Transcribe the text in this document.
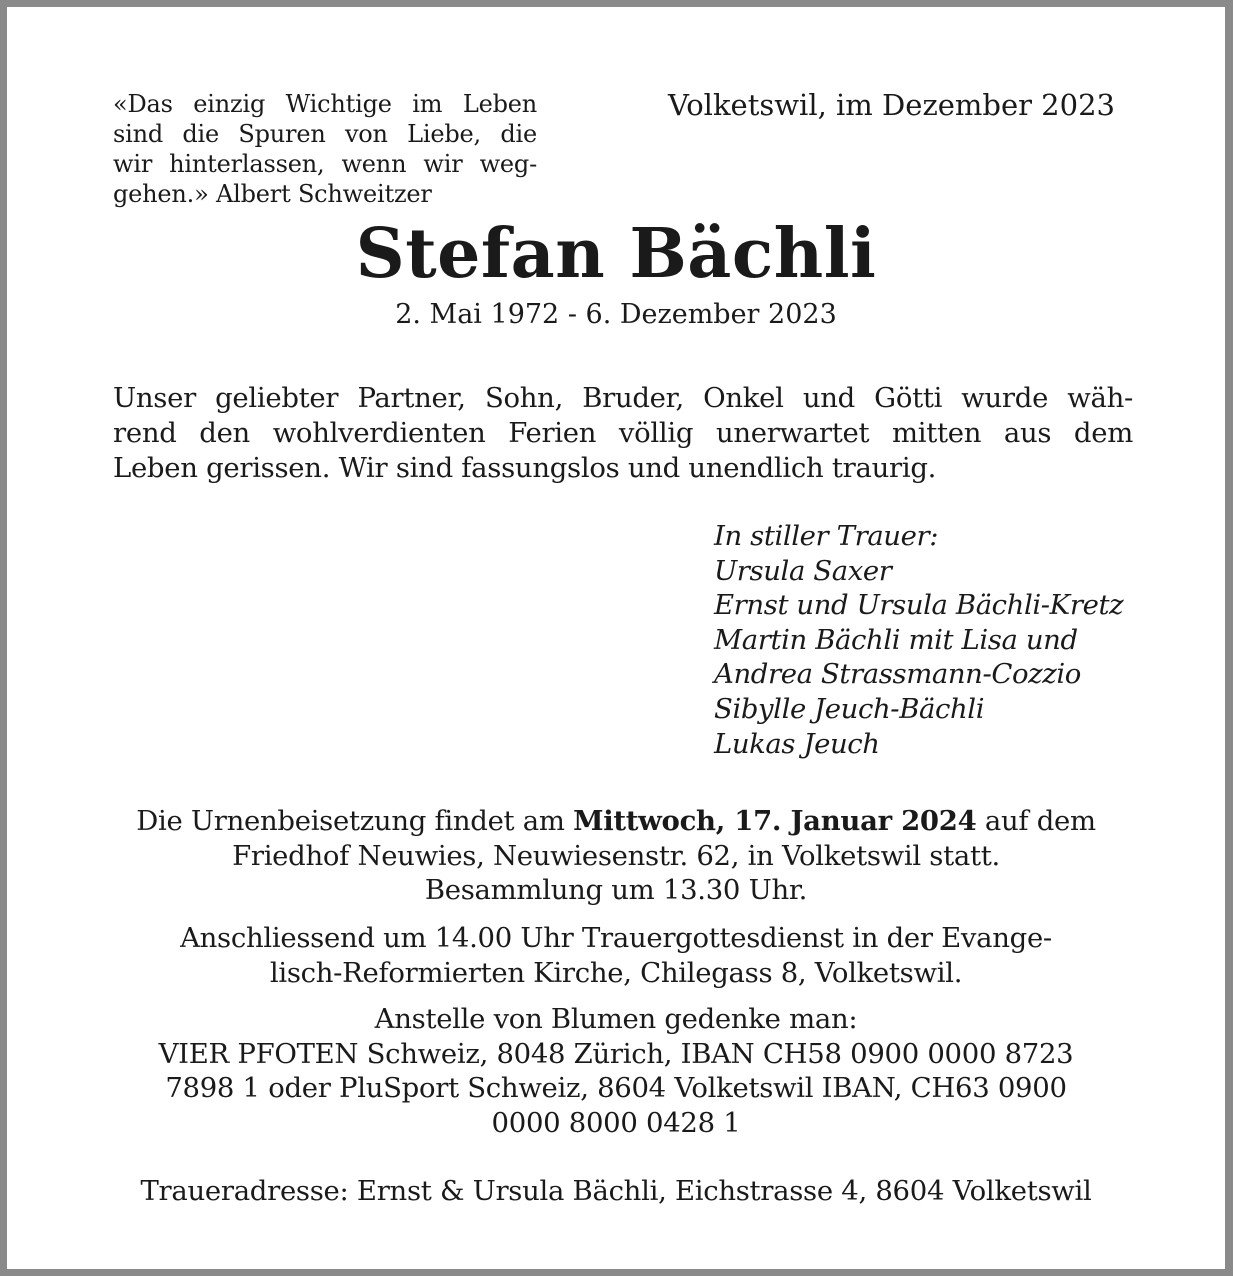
«Das einzig Wichtige im Leben
sind die Spuren von Liebe, die
wir hinterlassen, wenn wir weg-
gehen.» Albert Schweitzer
Volketswil, im Dezember 2023
Stefan Bächli
2. Mai 1972 - 6. Dezember 2023
Unser geliebter Partner, Sohn, Bruder, Onkel und Götti wurde wäh-
rend den wohlverdienten Ferien völlig unerwartet mitten aus dem
Leben gerissen. Wir sind fassungslos und unendlich traurig.
In stiller Trauer:
Ursula Saxer
Ernst und Ursula Bächli-Kretz
Martin Bächli mit Lisa und
Andrea Strassmann-Cozzio
Sibylle Jeuch-Bächli
Lukas Jeuch
Die Urnenbeisetzung findet am Mittwoch, 17. Januar 2024 auf dem
Friedhof Neuwies, Neuwiesenstr. 62, in Volketswil statt.
Besammlung um 13.30 Uhr.
Anschliessend um 14.00 Uhr Trauergottesdienst in der Evange-
lisch-Reformierten Kirche, Chilegass 8, Volketswil.
Anstelle von Blumen gedenke man:
VIER PFOTEN Schweiz, 8048 Zürich, IBAN CH58 0900 0000 8723
7898 1 oder PluSport Schweiz, 8604 Volketswil IBAN, CH63 0900
0000 8000 0428 1
Traueradresse: Ernst & Ursula Bächli, Eichstrasse 4, 8604 Volketswil
